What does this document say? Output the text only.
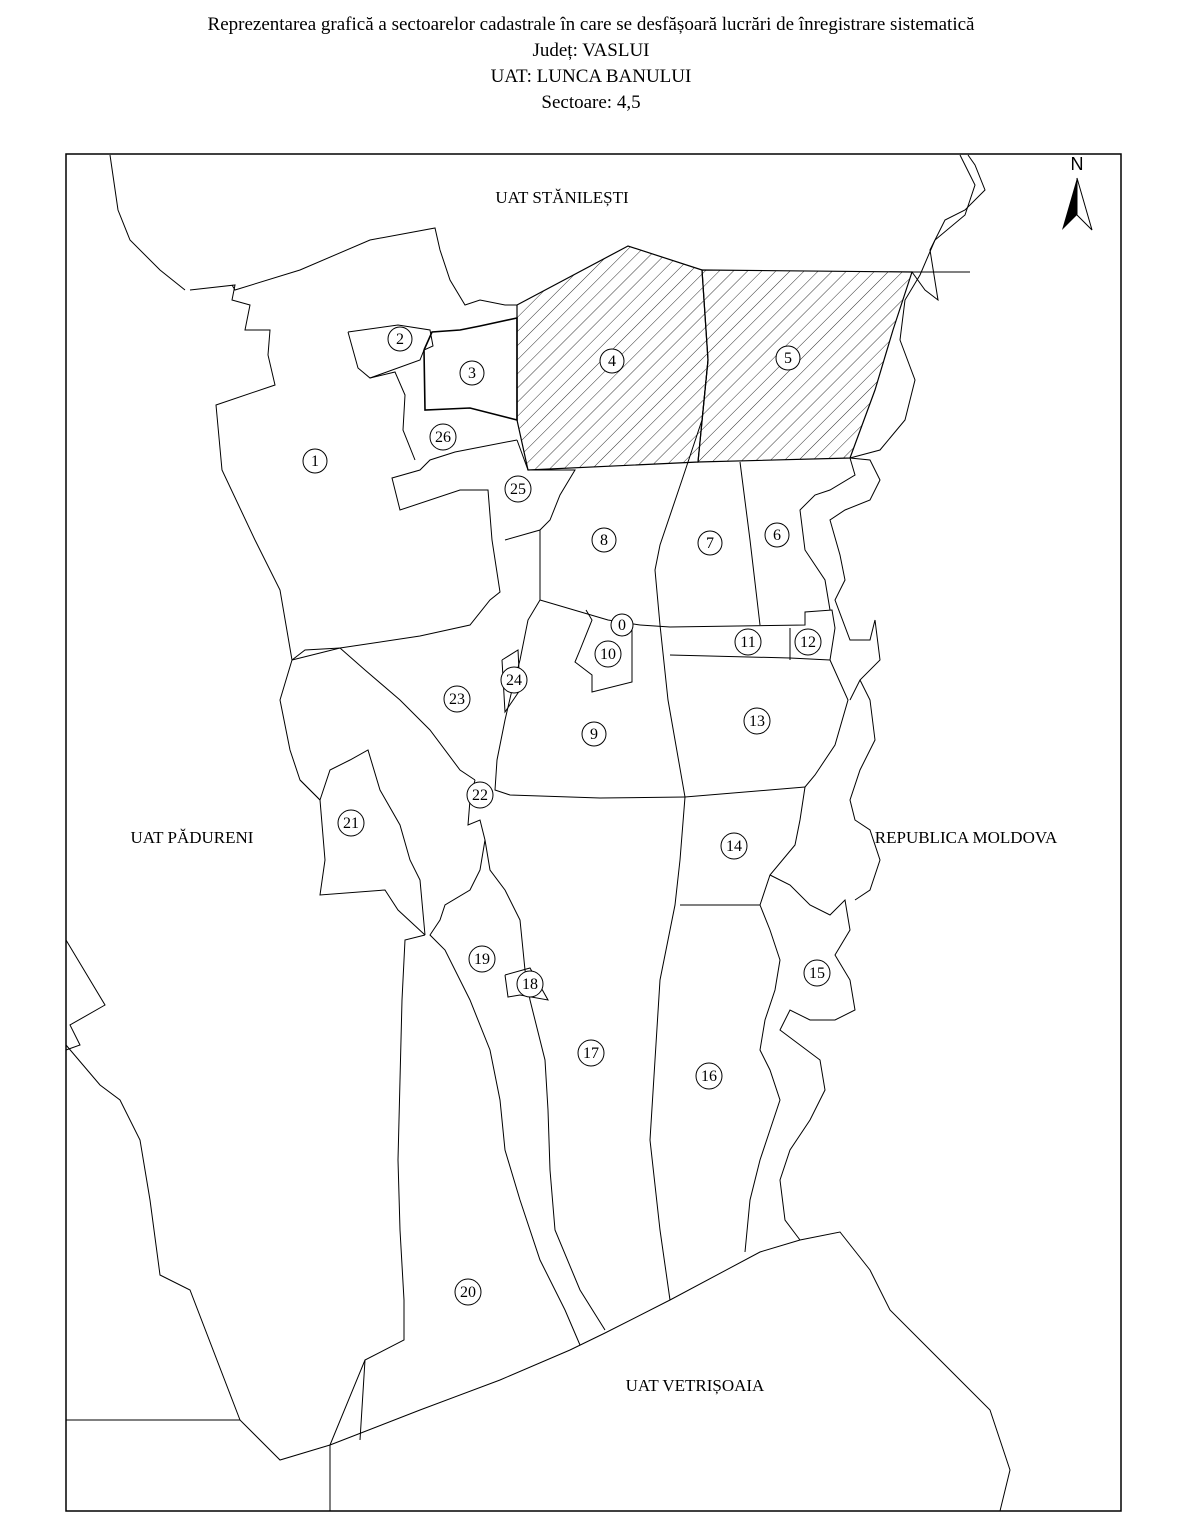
Reprezentarea grafică a sectoarelor cadastrale în care se desfășoară lucrări de înregistrare sistematică
Județ: VASLUI
UAT: LUNCA BANULUI
Sectoare: 4,5
0
1
2
3
4	5
6
7
8
9
10
11	12
13
14
15
16
17
18
19
20
21
22
23
24
25
26
UAT STĂNILEȘTI
UAT PĂDURENI	REPUBLICA MOLDOVA
UAT VETRIȘOAIA
N
